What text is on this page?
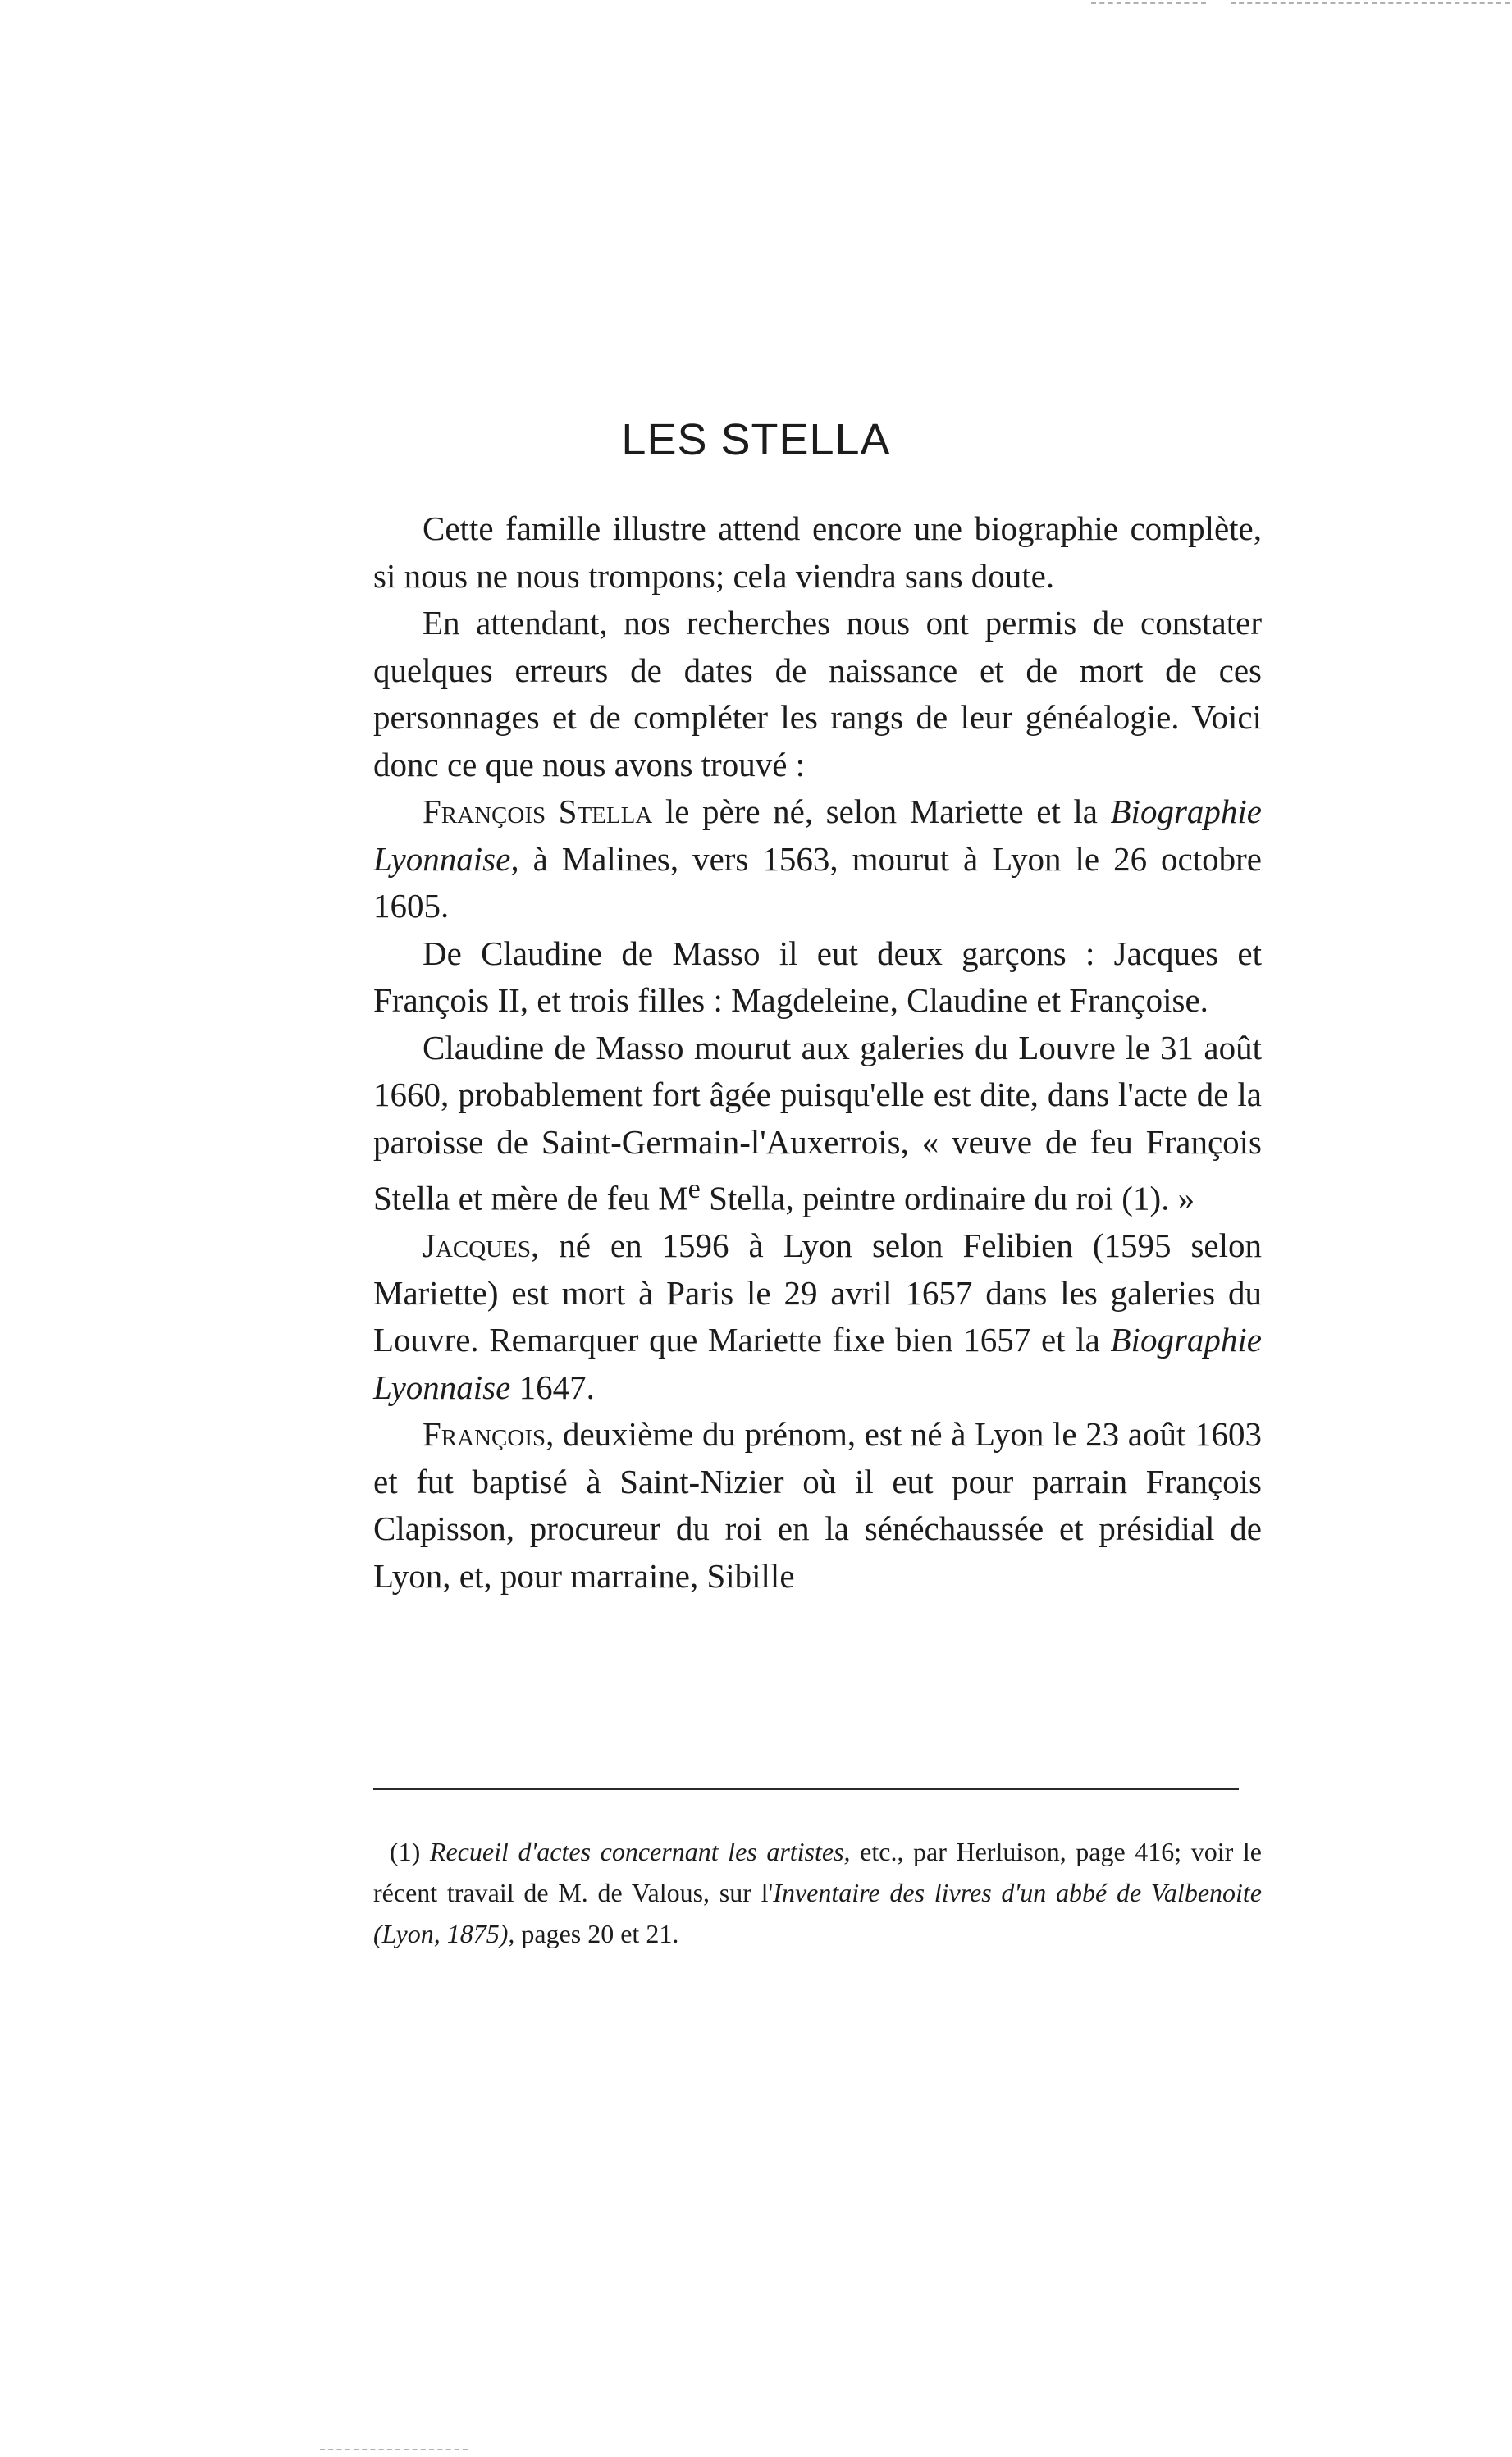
LES STELLA

Cette famille illustre attend encore une biographie complète, si nous ne nous trompons; cela viendra sans doute.

En attendant, nos recherches nous ont permis de constater quelques erreurs de dates de naissance et de mort de ces personnages et de compléter les rangs de leur généalogie. Voici donc ce que nous avons trouvé :

François Stella le père né, selon Mariette et la Biographie Lyonnaise, à Malines, vers 1563, mourut à Lyon le 26 octobre 1605.

De Claudine de Masso il eut deux garçons : Jacques et François II, et trois filles : Magdeleine, Claudine et Françoise.

Claudine de Masso mourut aux galeries du Louvre le 31 août 1660, probablement fort âgée puisqu'elle est dite, dans l'acte de la paroisse de Saint-Germain-l'Auxerrois, « veuve de feu François Stella et mère de feu Me Stella, peintre ordinaire du roi (1). »

Jacques, né en 1596 à Lyon selon Felibien (1595 selon Mariette) est mort à Paris le 29 avril 1657 dans les galeries du Louvre. Remarquer que Mariette fixe bien 1657 et la Biographie Lyonnaise 1647.

François, deuxième du prénom, est né à Lyon le 23 août 1603 et fut baptisé à Saint-Nizier où il eut pour parrain François Clapisson, procureur du roi en la sénéchaussée et présidial de Lyon, et, pour marraine, Sibille

(1) Recueil d'actes concernant les artistes, etc., par Herluison, page 416; voir le récent travail de M. de Valous, sur l'Inventaire des livres d'un abbé de Valbenoite (Lyon, 1875), pages 20 et 21.
